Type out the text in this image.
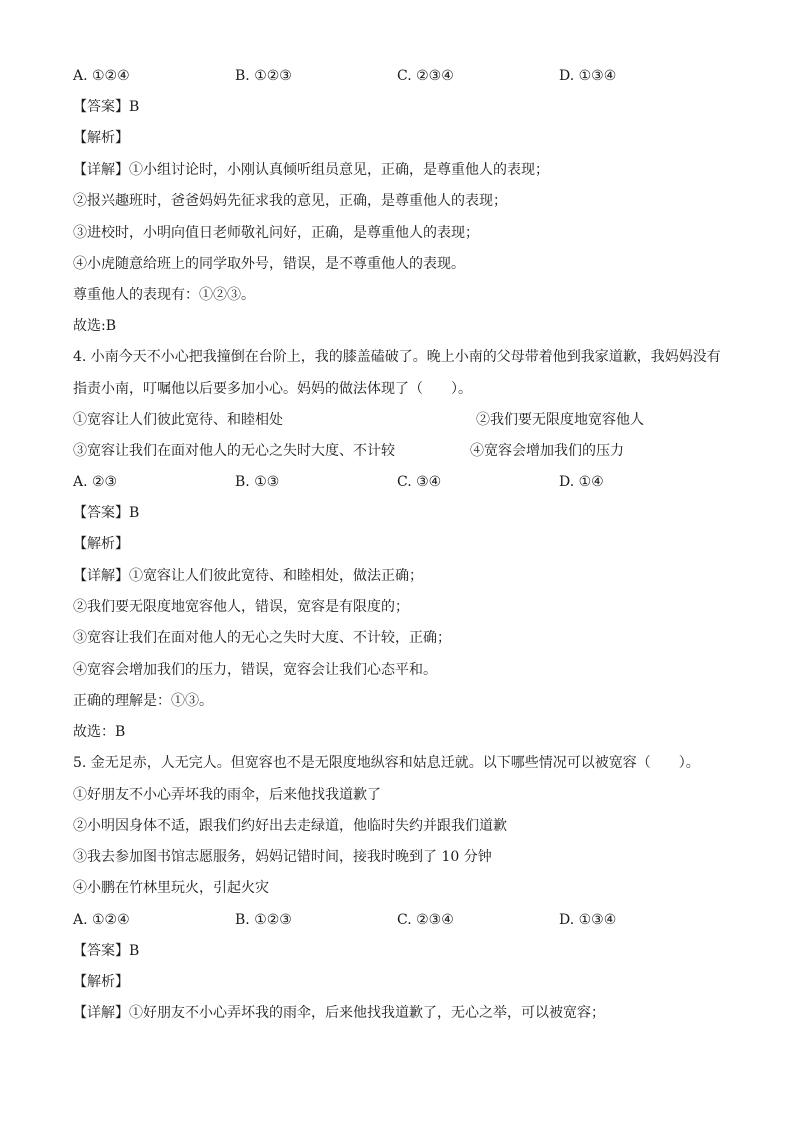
A. ①②④	B. ①②③	C. ②③④	D. ①③④
【答案】B
【解析】
【详解】①小组讨论时，小刚认真倾听组员意见，正确，是尊重他人的表现；
②报兴趣班时，爸爸妈妈先征求我的意见，正确，是尊重他人的表现；
③进校时，小明向值日老师敬礼问好，正确，是尊重他人的表现；
④小虎随意给班上的同学取外号，错误，是不尊重他人的表现。
尊重他人的表现有：①②③。
故选:B
4. 小南今天不小心把我撞倒在台阶上，我的膝盖磕破了。晚上小南的父母带着他到我家道歉，我妈妈没有
指责小南，叮嘱他以后要多加小心。妈妈的做法体现了（　　）。
①宽容让人们彼此宽待、和睦相处	②我们要无限度地宽容他人
③宽容让我们在面对他人的无心之失时大度、不计较	④宽容会增加我们的压力
A. ②③	B. ①③	C. ③④	D. ①④
【答案】B
【解析】
【详解】①宽容让人们彼此宽待、和睦相处，做法正确；
②我们要无限度地宽容他人，错误，宽容是有限度的；
③宽容让我们在面对他人的无心之失时大度、不计较，正确；
④宽容会增加我们的压力，错误，宽容会让我们心态平和。
正确的理解是：①③。
故选：B
5. 金无足赤，人无完人。但宽容也不是无限度地纵容和姑息迁就。以下哪些情况可以被宽容（　　）。
①好朋友不小心弄坏我的雨伞，后来他找我道歉了
②小明因身体不适，跟我们约好出去走绿道，他临时失约并跟我们道歉
③我去参加图书馆志愿服务，妈妈记错时间，接我时晚到了 10 分钟
④小鹏在竹林里玩火，引起火灾
A. ①②④	B. ①②③	C. ②③④	D. ①③④
【答案】B
【解析】
【详解】①好朋友不小心弄坏我的雨伞，后来他找我道歉了，无心之举，可以被宽容；
